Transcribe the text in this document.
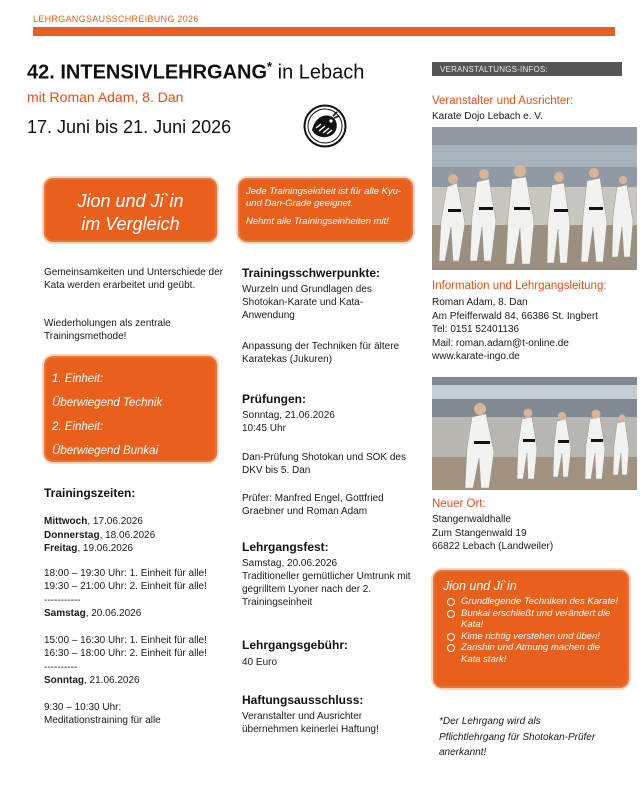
LEHRGANGSAUSSCHREIBUNG 2026
42. INTENSIVLEHRGANG* in Lebach
mit Roman Adam, 8. Dan
17. Juni bis 21. Juni 2026
Jion und Ji`in
im Vergleich
Gemeinsamkeiten und Unterschiede der Kata werden erarbeitet und geübt.
Wiederholungen als zentrale Trainingsmethode!
1. Einheit:
Überwiegend Technik
2. Einheit:
Überwiegend Bunkai
Trainingszeiten:
Mittwoch, 17.06.2026
Donnerstag, 18.06.2026
Freitag, 19.06.2026
18:00 – 19:30 Uhr: 1. Einheit für alle!
19:30 – 21:00 Uhr: 2. Einheit für alle!
-----------
Samstag, 20.06.2026
15:00 – 16:30 Uhr: 1. Einheit für alle!
16:30 – 18:00 Uhr: 2. Einheit für alle!
----------
Sonntag, 21.06.2026
9:30 – 10:30 Uhr:
Meditationstraining für alle
Jede Trainingseinheit ist für alle Kyu- und Dan-Grade geeignet.
Nehmt alle Trainingseinheiten mit!
Trainingsschwerpunkte:
Wurzeln und Grundlagen des Shotokan-Karate und Kata-Anwendung
Anpassung der Techniken für ältere Karatekas (Jukuren)
Prüfungen:
Sonntag, 21.06.2026
10:45 Uhr
Dan-Prüfung Shotokan und SOK des DKV bis 5. Dan
Prüfer: Manfred Engel, Gottfried Graebner und Roman Adam
Lehrgangsfest:
Samstag, 20.06.2026
Traditioneller gemütlicher Umtrunk mit gegrilltem Lyoner nach der 2. Trainingseinheit
Lehrgangsgebühr:
40 Euro
Haftungsausschluss:
Veranstalter und Ausrichter übernehmen keinerlei Haftung!
VERANSTALTUNGS-INFOS:
Veranstalter und Ausrichter:
Karate Dojo Lebach e. V.
Information und Lehrgangsleitung:
Roman Adam, 8. Dan
Am Pfeifferwald 84, 66386 St. Ingbert
Tel: 0151 52401136
Mail: roman.adam@t-online.de
www.karate-ingo.de
Neuer Ort:
Stangenwaldhalle
Zum Stangenwald 19
66822 Lebach (Landweiler)
Jion und Ji`in
Grundlegende Techniken des Karate!
Bunkai erschließt und verändert die Kata!
Kime richtig verstehen und üben!
Zanshin und Atmung machen die Kata stark!
*Der Lehrgang wird als
Pflichtlehrgang für Shotokan-Prüfer
anerkannt!
